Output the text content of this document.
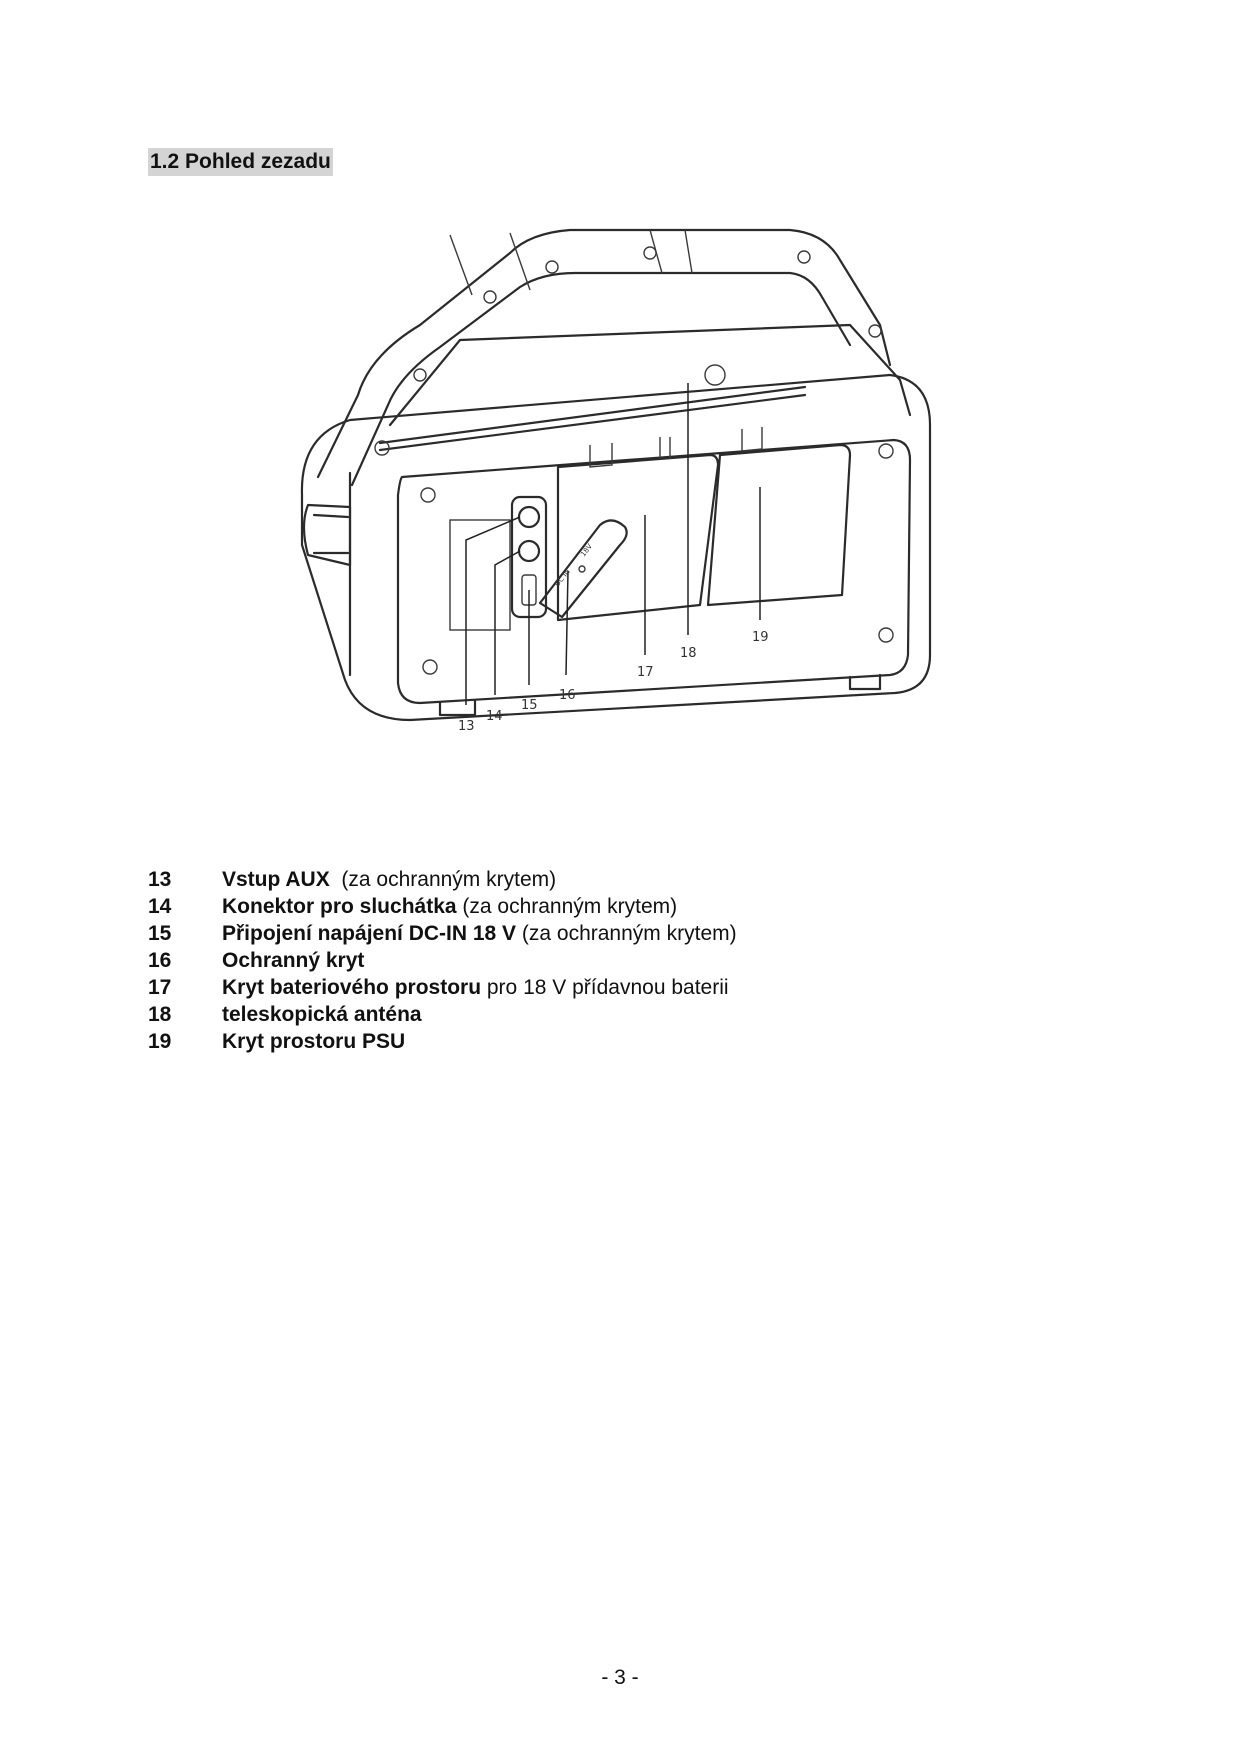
1.2 Pohled zezadu
DC IN
18V
13
14
15
16
17
18
19
13	Vstup AUX  (za ochranným krytem)
14	Konektor pro sluchátka (za ochranným krytem)
15	Připojení napájení DC-IN 18 V (za ochranným krytem)
16	Ochranný kryt
17	Kryt bateriového prostoru pro 18 V přídavnou baterii
18	teleskopická anténa
19	Kryt prostoru PSU
- 3 -
